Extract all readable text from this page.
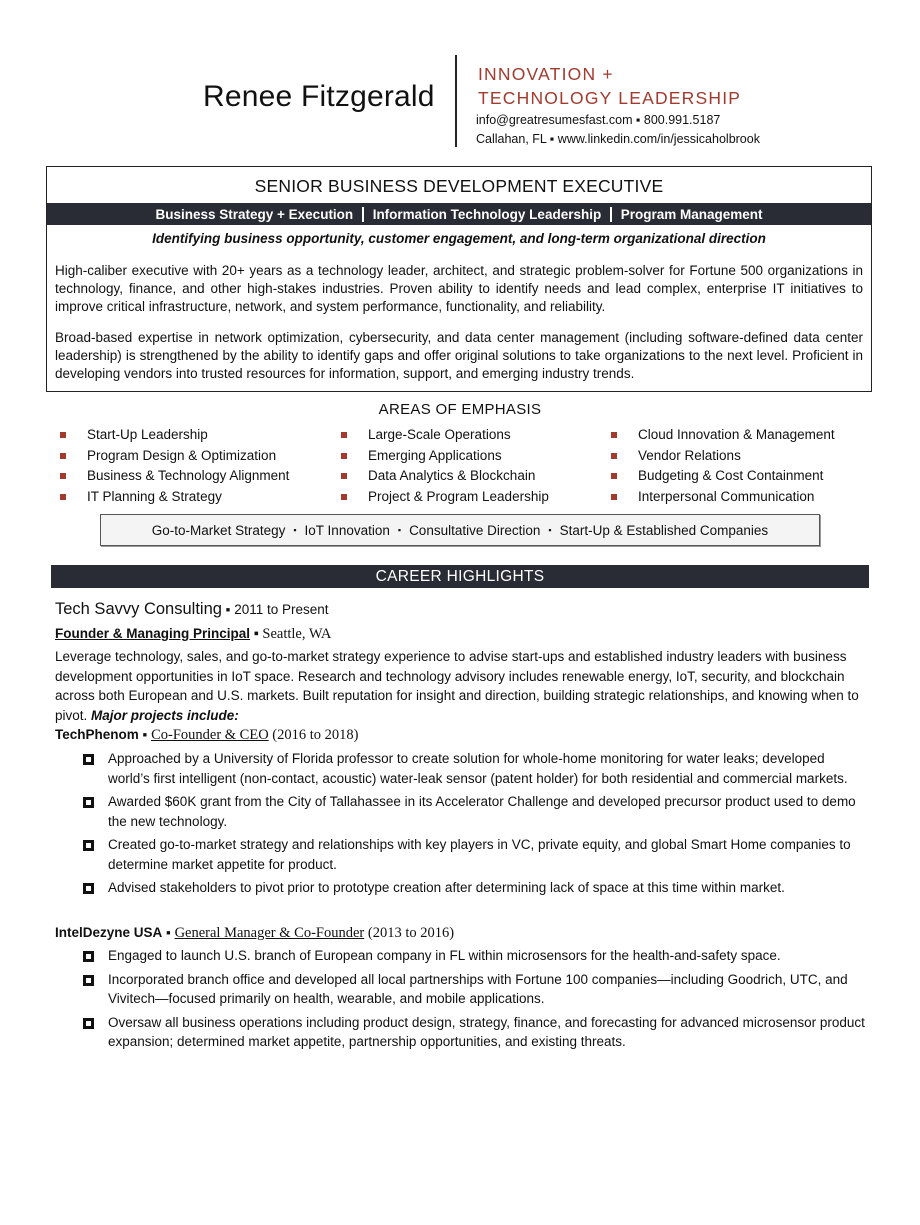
Renee Fitzgerald
INNOVATION +
TECHNOLOGY LEADERSHIP
info@greatresumesfast.com ▪ 800.991.5187
Callahan, FL ▪ www.linkedin.com/in/jessicaholbrook
SENIOR BUSINESS DEVELOPMENT EXECUTIVE
Business Strategy + Execution	Information Technology Leadership	Program Management
Identifying business opportunity, customer engagement, and long-term organizational direction
High-caliber executive with 20+ years as a technology leader, architect, and strategic problem-solver for Fortune 500 organizations in technology, finance, and other high-stakes industries. Proven ability to identify needs and lead complex, enterprise IT initiatives to improve critical infrastructure, network, and system performance, functionality, and reliability.
Broad-based expertise in network optimization, cybersecurity, and data center management (including software-defined data center leadership) is strengthened by the ability to identify gaps and offer original solutions to take organizations to the next level. Proficient in developing vendors into trusted resources for information, support, and emerging industry trends.
AREAS OF EMPHASIS
Start-Up Leadership
Program Design & Optimization
Business & Technology Alignment
IT Planning & Strategy
Large-Scale Operations
Emerging Applications
Data Analytics & Blockchain
Project & Program Leadership
Cloud Innovation & Management
Vendor Relations
Budgeting & Cost Containment
Interpersonal Communication
Go-to-Market Strategy ▪ IoT Innovation ▪ Consultative Direction ▪ Start-Up & Established Companies
CAREER HIGHLIGHTS
Tech Savvy Consulting ▪ 2011 to Present
Founder & Managing Principal ▪ Seattle, WA
Leverage technology, sales, and go-to-market strategy experience to advise start-ups and established industry leaders with business development opportunities in IoT space. Research and technology advisory includes renewable energy, IoT, security, and blockchain across both European and U.S. markets. Built reputation for insight and direction, building strategic relationships, and knowing when to pivot. Major projects include:
TechPhenom ▪ Co-Founder & CEO (2016 to 2018)
Approached by a University of Florida professor to create solution for whole-home monitoring for water leaks; developed world’s first intelligent (non-contact, acoustic) water-leak sensor (patent holder) for both residential and commercial markets.
Awarded $60K grant from the City of Tallahassee in its Accelerator Challenge and developed precursor product used to demo the new technology.
Created go-to-market strategy and relationships with key players in VC, private equity, and global Smart Home companies to determine market appetite for product.
Advised stakeholders to pivot prior to prototype creation after determining lack of space at this time within market.
IntelDezyne USA ▪ General Manager & Co-Founder (2013 to 2016)
Engaged to launch U.S. branch of European company in FL within microsensors for the health-and-safety space.
Incorporated branch office and developed all local partnerships with Fortune 100 companies—including Goodrich, UTC, and Vivitech—focused primarily on health, wearable, and mobile applications.
Oversaw all business operations including product design, strategy, finance, and forecasting for advanced microsensor product expansion; determined market appetite, partnership opportunities, and existing threats.
